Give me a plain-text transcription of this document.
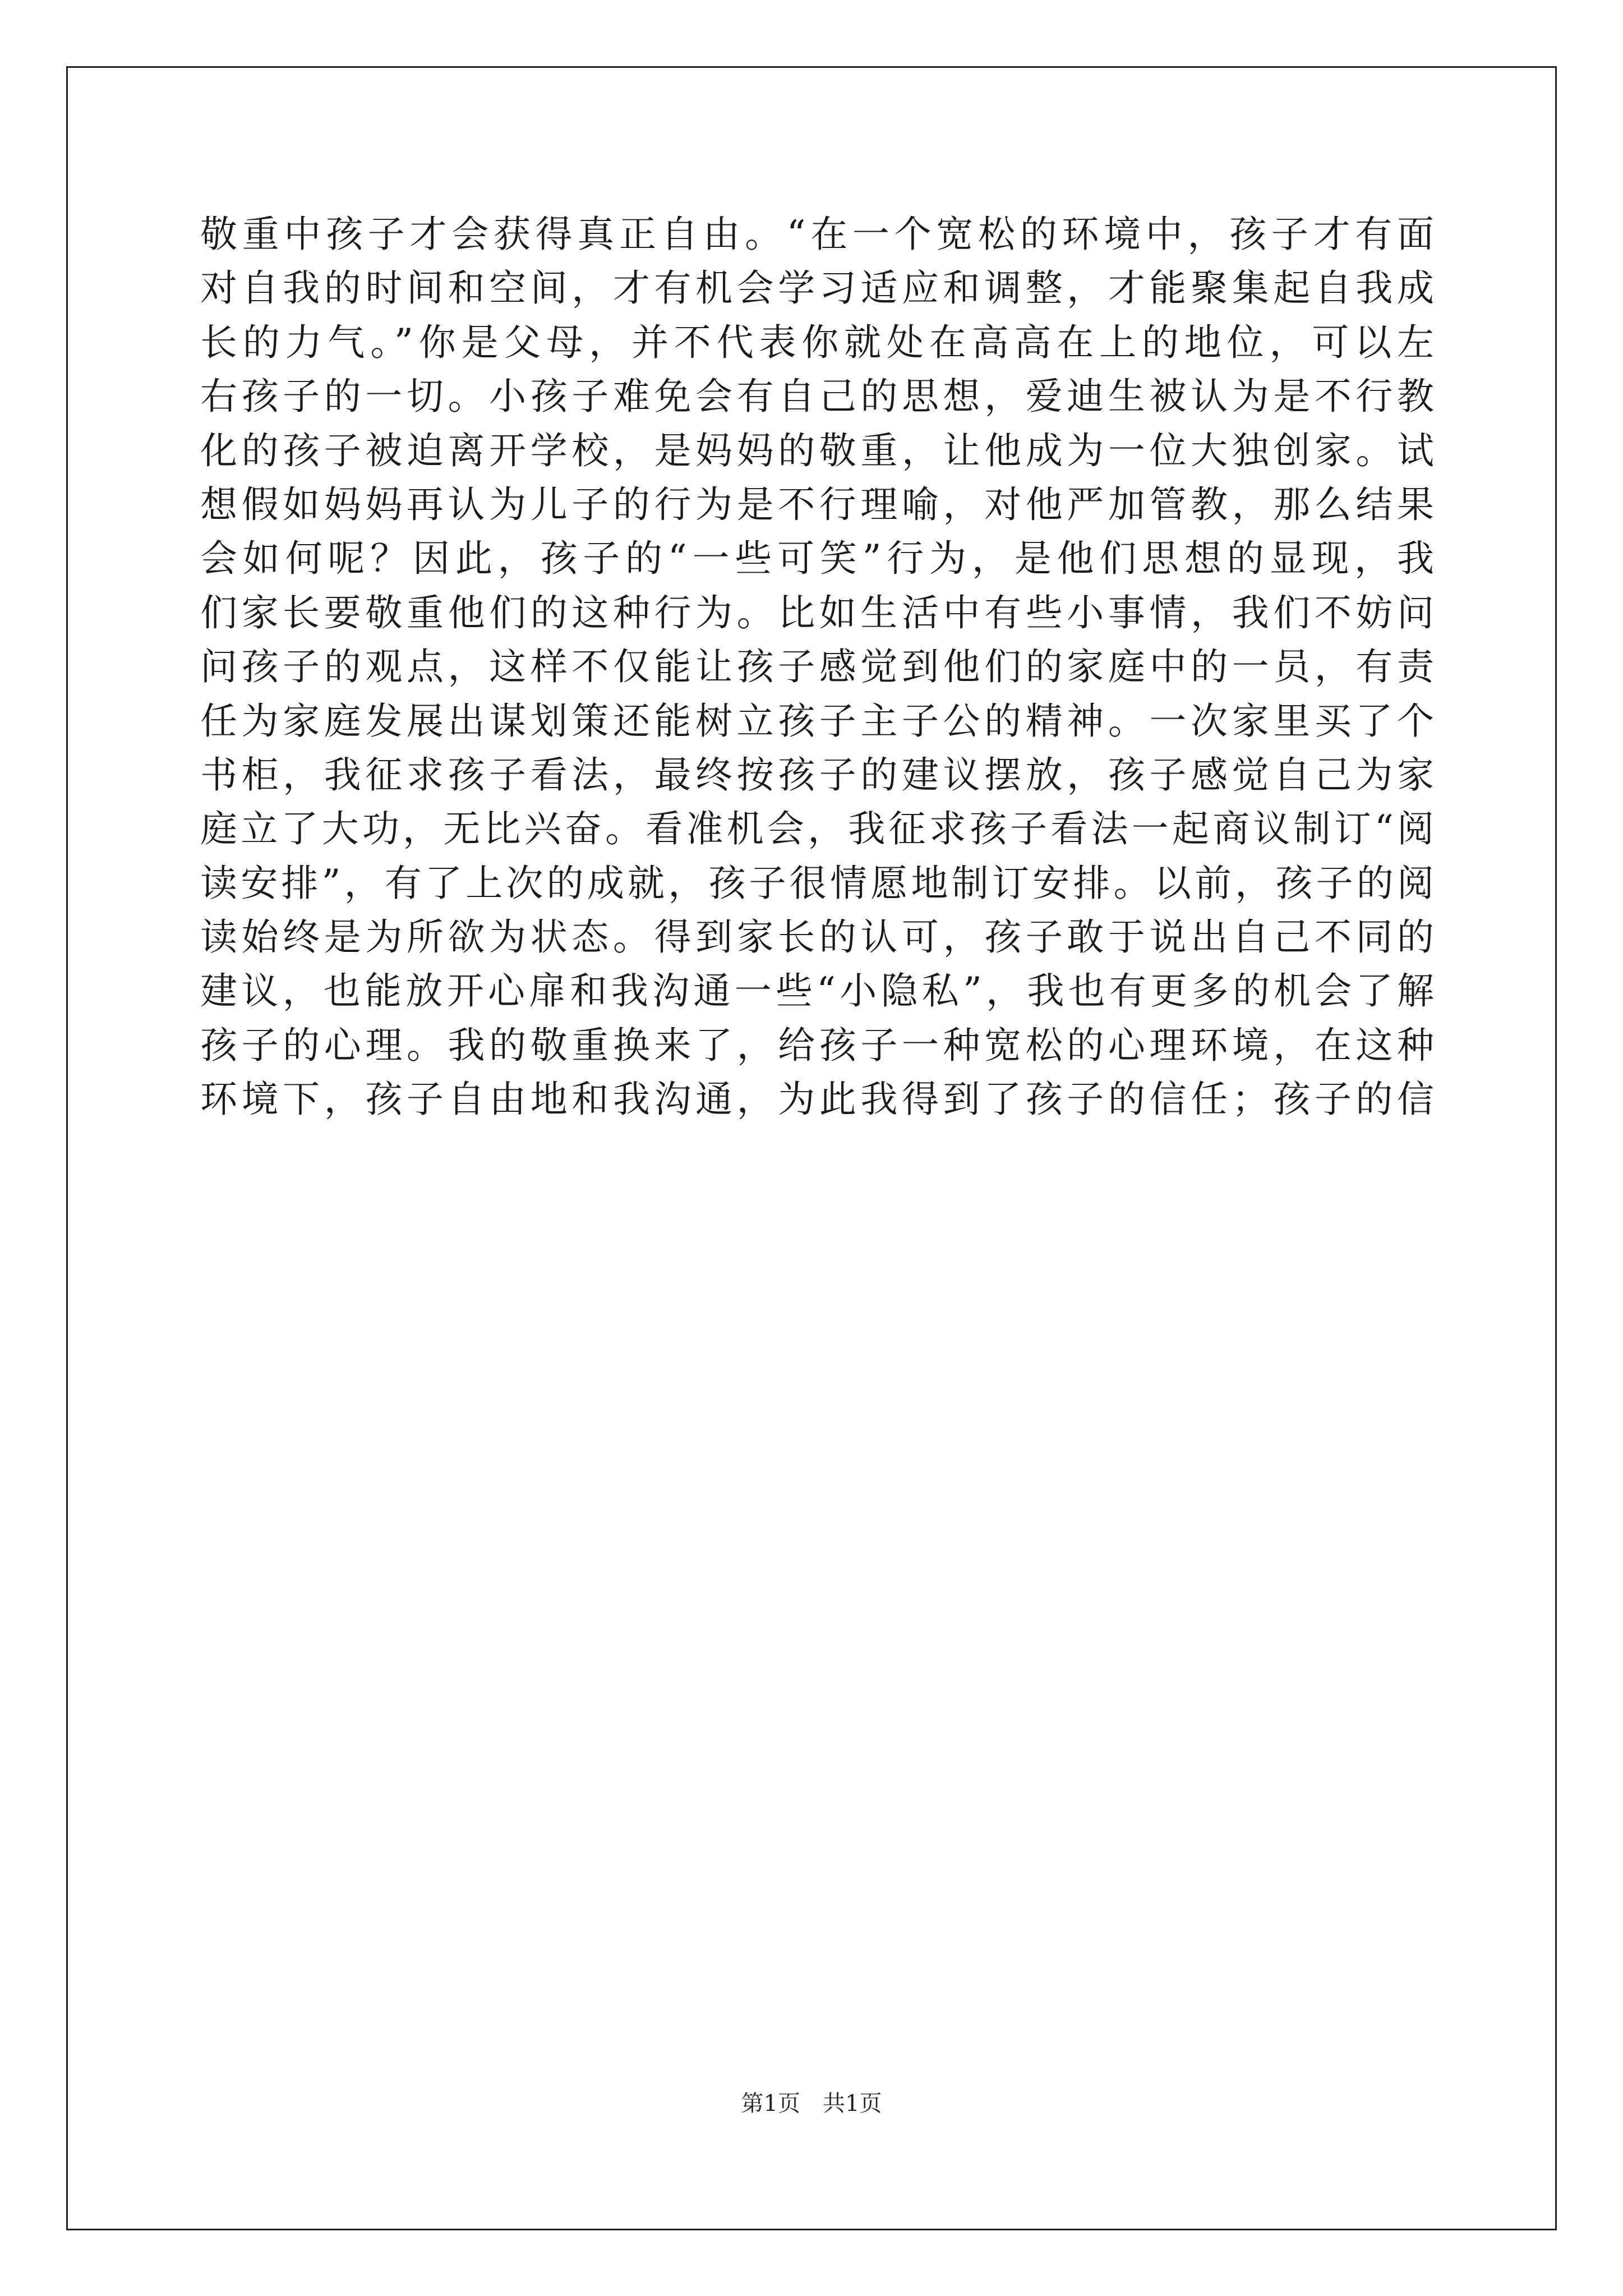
敬重中孩子才会获得真正自由。“在一个宽松的环境中，孩子才有面
对自我的时间和空间，才有机会学习适应和调整，才能聚集起自我成
长的力气。”你是父母，并不代表你就处在高高在上的地位，可以左
右孩子的一切。小孩子难免会有自己的思想，爱迪生被认为是不行教
化的孩子被迫离开学校，是妈妈的敬重，让他成为一位大独创家。试
想假如妈妈再认为儿子的行为是不行理喻，对他严加管教，那么结果
会如何呢？因此，孩子的“一些可笑”行为，是他们思想的显现，我
们家长要敬重他们的这种行为。比如生活中有些小事情，我们不妨问
问孩子的观点，这样不仅能让孩子感觉到他们的家庭中的一员，有责
任为家庭发展出谋划策还能树立孩子主子公的精神。一次家里买了个
书柜，我征求孩子看法，最终按孩子的建议摆放，孩子感觉自己为家
庭立了大功，无比兴奋。看准机会，我征求孩子看法一起商议制订“阅
读安排”，有了上次的成就，孩子很情愿地制订安排。以前，孩子的阅
读始终是为所欲为状态。得到家长的认可，孩子敢于说出自己不同的
建议，也能放开心扉和我沟通一些“小隐私”，我也有更多的机会了解
孩子的心理。我的敬重换来了，给孩子一种宽松的心理环境，在这种
环境下，孩子自由地和我沟通，为此我得到了孩子的信任；孩子的信
第1页　共1页
